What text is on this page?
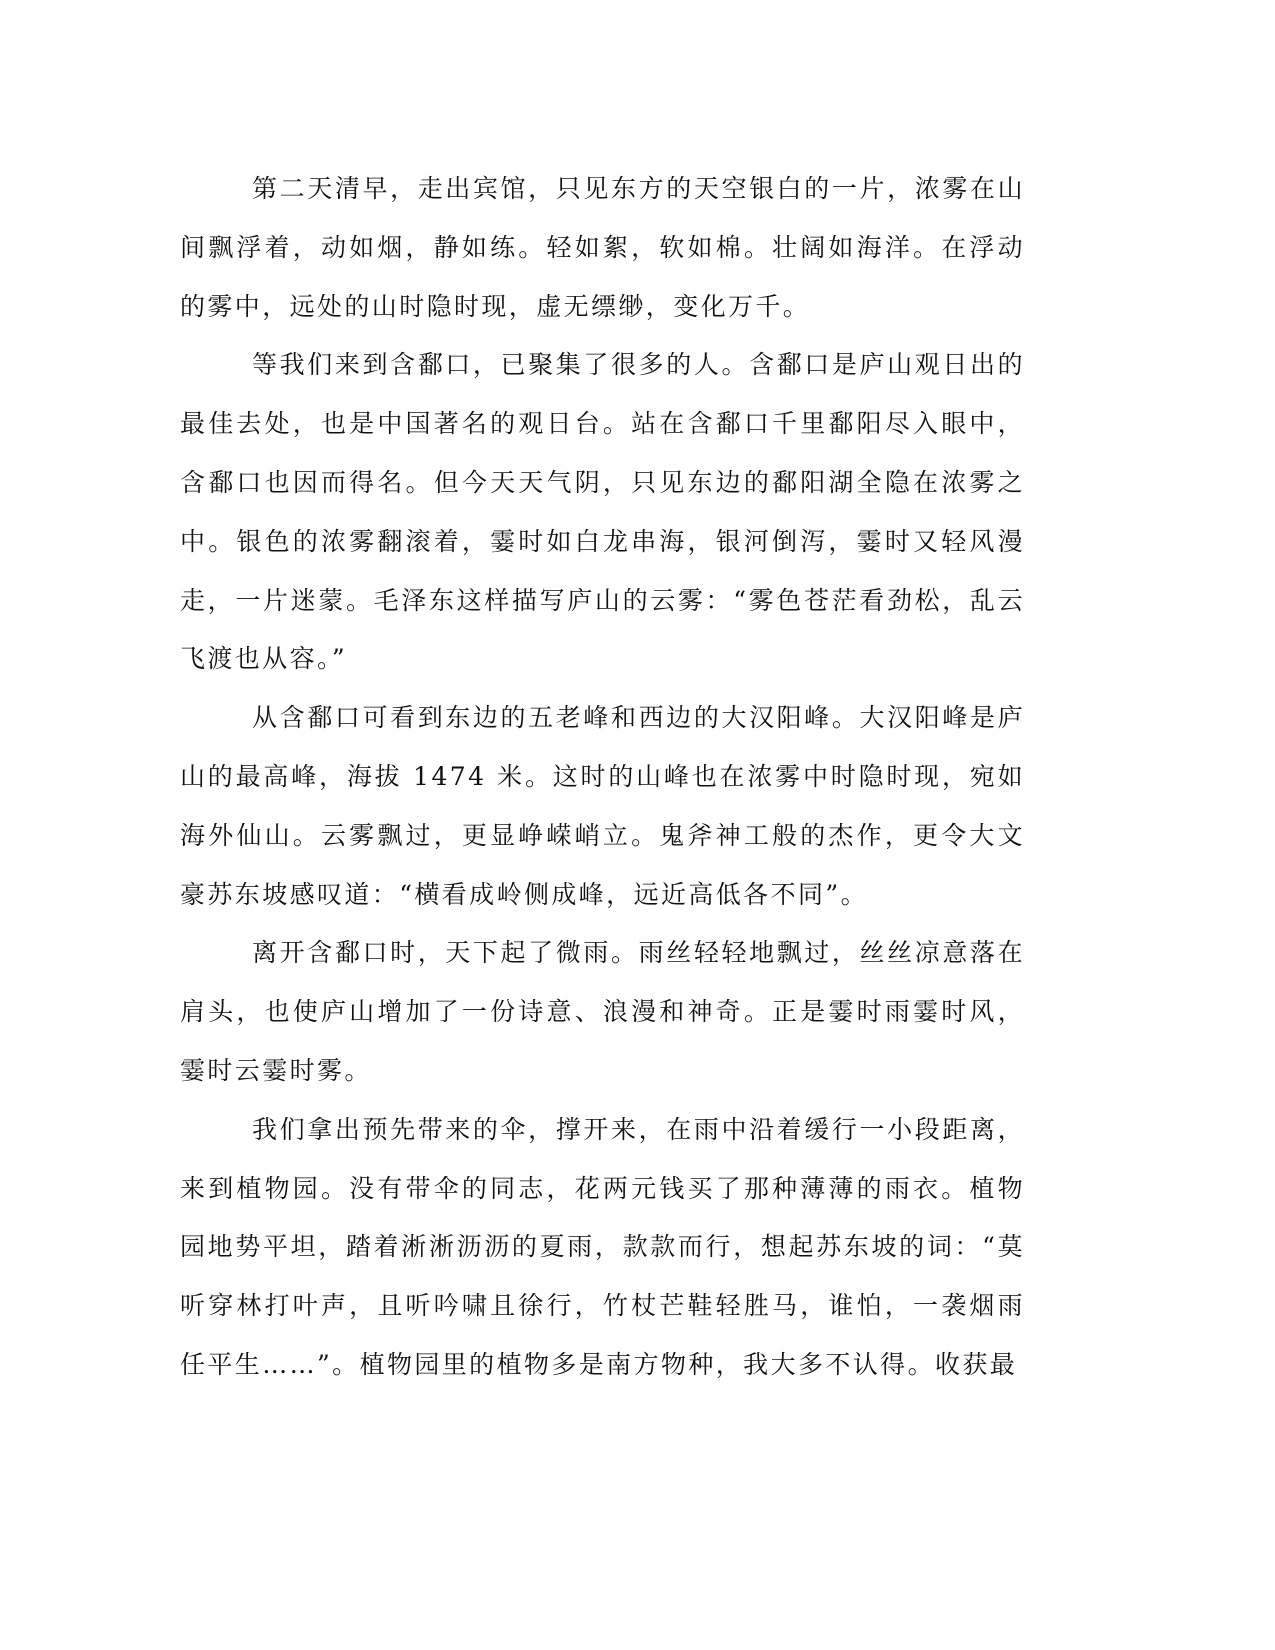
第二天清早，走出宾馆，只见东方的天空银白的一片，浓雾在山间飘浮着，动如烟，静如练。轻如絮，软如棉。壮阔如海洋。在浮动的雾中，远处的山时隐时现，虚无缥缈，变化万千。

等我们来到含鄱口，已聚集了很多的人。含鄱口是庐山观日出的最佳去处，也是中国著名的观日台。站在含鄱口千里鄱阳尽入眼中，含鄱口也因而得名。但今天天气阴，只见东边的鄱阳湖全隐在浓雾之中。银色的浓雾翻滚着，霎时如白龙串海，银河倒泻，霎时又轻风漫走，一片迷蒙。毛泽东这样描写庐山的云雾：“雾色苍茫看劲松，乱云飞渡也从容。”

从含鄱口可看到东边的五老峰和西边的大汉阳峰。大汉阳峰是庐山的最高峰，海拔 1474 米。这时的山峰也在浓雾中时隐时现，宛如海外仙山。云雾飘过，更显峥嵘峭立。鬼斧神工般的杰作，更令大文豪苏东坡感叹道：“横看成岭侧成峰，远近高低各不同”。

离开含鄱口时，天下起了微雨。雨丝轻轻地飘过，丝丝凉意落在肩头，也使庐山增加了一份诗意、浪漫和神奇。正是霎时雨霎时风，霎时云霎时雾。

我们拿出预先带来的伞，撑开来，在雨中沿着缓行一小段距离，来到植物园。没有带伞的同志，花两元钱买了那种薄薄的雨衣。植物园地势平坦，踏着淅淅沥沥的夏雨，款款而行，想起苏东坡的词：“莫听穿林打叶声，且听吟啸且徐行，竹杖芒鞋轻胜马，谁怕，一袭烟雨任平生……”。植物园里的植物多是南方物种，我大多不认得。收获最
